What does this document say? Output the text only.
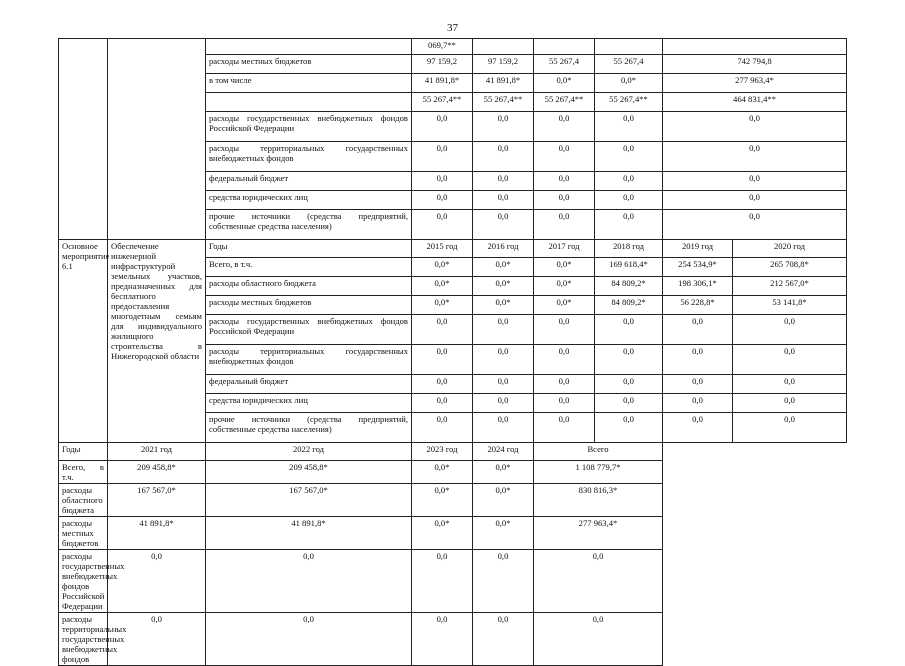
37
			069,7**					
		расходы местных бюджетов	97 159,2	97 159,2	55 267,4	55 267,4	742 794,8	
		в том числе	41 891,8*	41 891,8*	0,0*	0,0*	277 963,4*	
			55 267,4**	55 267,4**	55 267,4**	55 267,4**	464 831,4**	
		расходы государственных внебюджетных фондов Российской Федерации	0,0	0,0	0,0	0,0	0,0	
		расходы территориальных государственных внебюджетных фондов	0,0	0,0	0,0	0,0	0,0	
		федеральный бюджет	0,0	0,0	0,0	0,0	0,0	
		средства юридических лиц	0,0	0,0	0,0	0,0	0,0	
		прочие источники (средства предприятий, собственные средства населения)	0,0	0,0	0,0	0,0	0,0	
Основное мероприятие 6.1	Обеспечение инженерной инфраструктурой земельных участков, предназначенных для бесплатного предоставления многодетным семьям для индивидуального жилищного строительства в Нижегородской области	Годы	2015 год	2016 год	2017 год	2018 год	2019 год	2020 год
		Всего, в т.ч.	0,0*	0,0*	0,0*	169 618,4*	254 534,9*	265 708,8*
		расходы областного бюджета	0,0*	0,0*	0,0*	84 809,2*	198 306,1*	212 567,0*
		расходы местных бюджетов	0,0*	0,0*	0,0*	84 809,2*	56 228,8*	53 141,8*
		расходы государственных внебюджетных фондов Российской Федерации	0,0	0,0	0,0	0,0	0,0	0,0
		расходы территориальных государственных внебюджетных фондов	0,0	0,0	0,0	0,0	0,0	0,0
		федеральный бюджет	0,0	0,0	0,0	0,0	0,0	0,0
		средства юридических лиц	0,0	0,0	0,0	0,0	0,0	0,0
		прочие источники (средства предприятий, собственные средства населения)	0,0	0,0	0,0	0,0	0,0	0,0
Годы	2021 год	2022 год	2023 год	2024 год	Всего			
Всего, в т.ч.	209 458,8*	209 458,8*	0,0*	0,0*	1 108 779,7*			
расходы областного бюджета	167 567,0*	167 567,0*	0,0*	0,0*	830 816,3*			
расходы местных бюджетов	41 891,8*	41 891,8*	0,0*	0,0*	277 963,4*			
расходы государственных внебюджетных фондов Российской Федерации	0,0	0,0	0,0	0,0	0,0			
расходы территориальных государственных внебюджетных фондов	0,0	0,0	0,0	0,0	0,0			
